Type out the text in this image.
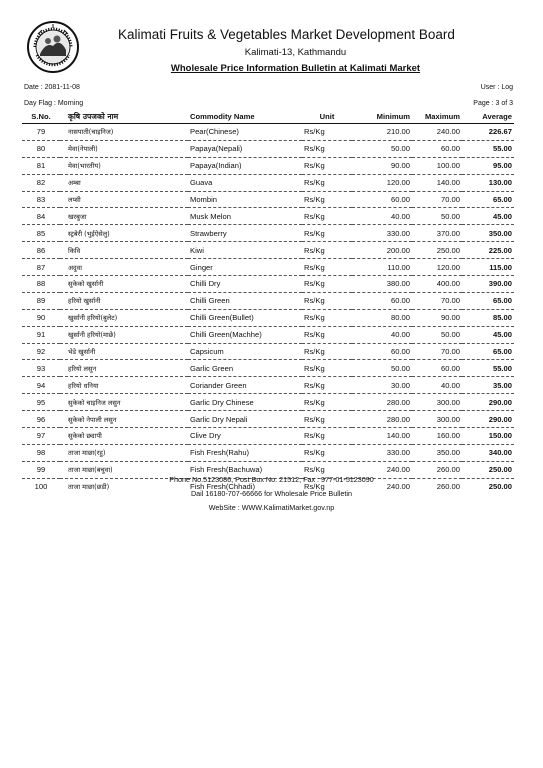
Kalimati Fruits & Vegetables Market Development Board
Kalimati-13, Kathmandu
Wholesale Price Information Bulletin at Kalimati Market
Date : 2081-11-08	User : Log
Day Flag : Morning	Page : 3 of 3
S.No.	कृषि उपजको नाम	Commodity Name	Unit	Minimum	Maximum	Average
79	नासपाती(चाइनिज)	Pear(Chinese)	Rs/Kg	210.00	240.00	226.67
80	मेवा(नेपाली)	Papaya(Nepali)	Rs/Kg	50.00	60.00	55.00
81	मेवा(भारतीय)	Papaya(Indian)	Rs/Kg	90.00	100.00	95.00
82	अम्बा	Guava	Rs/Kg	120.00	140.00	130.00
83	लप्सी	Mombin	Rs/Kg	60.00	70.00	65.00
84	खरबुजा	Musk Melon	Rs/Kg	40.00	50.00	45.00
85	स्ट्रबेरी (भुईऐसेलु)	Strawberry	Rs/Kg	330.00	370.00	350.00
86	किवि	Kiwi	Rs/Kg	200.00	250.00	225.00
87	अदुवा	Ginger	Rs/Kg	110.00	120.00	115.00
88	सुकेको खुर्सानी	Chilli Dry	Rs/Kg	380.00	400.00	390.00
89	हरियो खुर्सानी	Chilli Green	Rs/Kg	60.00	70.00	65.00
90	खुर्सानी हरियो(बुलेट)	Chilli Green(Bullet)	Rs/Kg	80.00	90.00	85.00
91	खुर्सानी हरियो(माछे)	Chilli Green(Machhe)	Rs/Kg	40.00	50.00	45.00
92	भेडे खुर्सानी	Capsicum	Rs/Kg	60.00	70.00	65.00
93	हरियो लसुन	Garlic Green	Rs/Kg	50.00	60.00	55.00
94	हरियो धनिया	Coriander Green	Rs/Kg	30.00	40.00	35.00
95	सुकेको चाइनिज लसुन	Garlic Dry Chinese	Rs/Kg	280.00	300.00	290.00
96	सुकेको नेपाली लसुन	Garlic Dry Nepali	Rs/Kg	280.00	300.00	290.00
97	सुकेको छ्यापी	Clive Dry	Rs/Kg	140.00	160.00	150.00
98	ताजा माछा(रहु)	Fish Fresh(Rahu)	Rs/Kg	330.00	350.00	340.00
99	ताजा माछा(बचुवा)	Fish Fresh(Bachuwa)	Rs/Kg	240.00	260.00	250.00
100	ताजा माछा(छडी)	Fish Fresh(Chhadi)	Rs/Kg	240.00	260.00	250.00
Phone No.5123086, Post Box No. 21512, Fax : 977-01-5123090
Dail 16180-707-66666 for Wholesale Price Bulletin
WebSite : WWW.KalimatiMarket.gov.np
